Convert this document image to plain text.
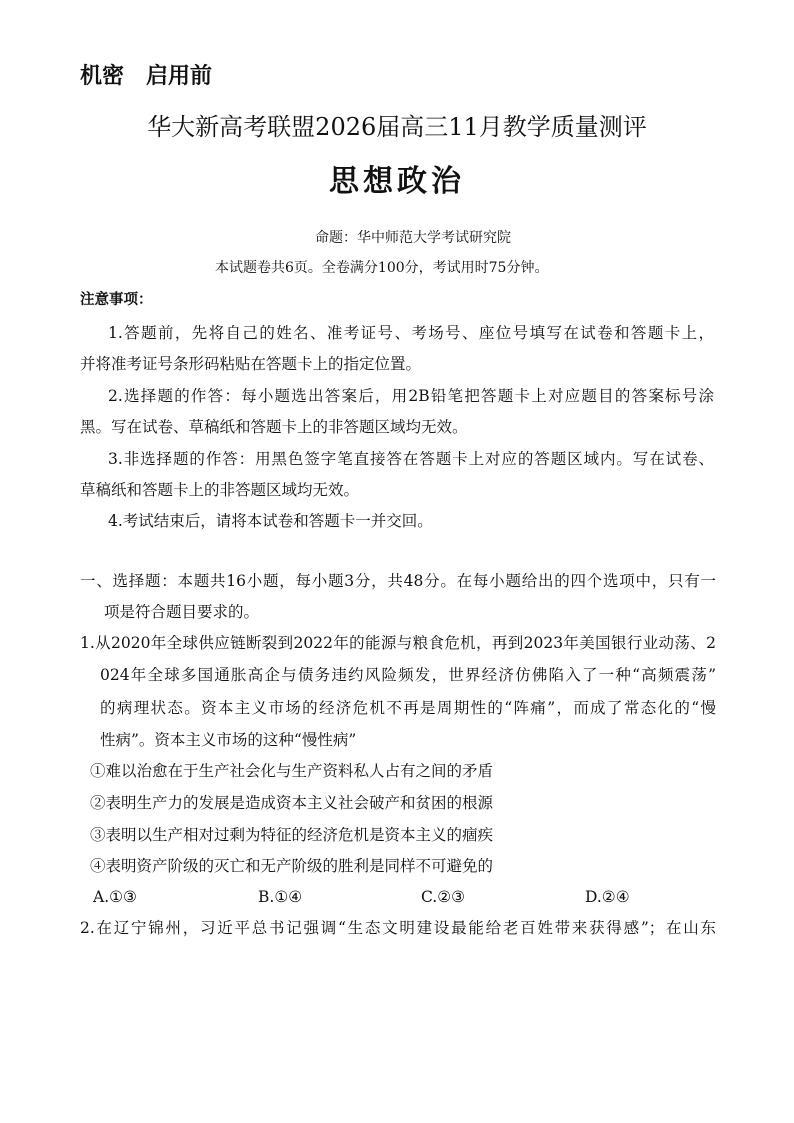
机密　启用前
华大新高考联盟2026届高三11月教学质量测评
思想政治
命题：华中师范大学考试研究院
本试题卷共6页。全卷满分100分，考试用时75分钟。
注意事项：
1.答题前，先将自己的姓名、准考证号、考场号、座位号填写在试卷和答题卡上，
并将准考证号条形码粘贴在答题卡上的指定位置。
2.选择题的作答：每小题选出答案后，用2B铅笔把答题卡上对应题目的答案标号涂
黑。写在试卷、草稿纸和答题卡上的非答题区域均无效。
3.非选择题的作答：用黑色签字笔直接答在答题卡上对应的答题区域内。写在试卷、
草稿纸和答题卡上的非答题区域均无效。
4.考试结束后，请将本试卷和答题卡一并交回。
一、选择题：本题共16小题，每小题3分，共48分。在每小题给出的四个选项中，只有一
项是符合题目要求的。
1.从2020年全球供应链断裂到2022年的能源与粮食危机，再到2023年美国银行业动荡、2
024年全球多国通胀高企与债务违约风险频发，世界经济仿佛陷入了一种“高频震荡”
的病理状态。资本主义市场的经济危机不再是周期性的“阵痛”，而成了常态化的“慢
性病”。资本主义市场的这种“慢性病”
①难以治愈在于生产社会化与生产资料私人占有之间的矛盾
②表明生产力的发展是造成资本主义社会破产和贫困的根源
③表明以生产相对过剩为特征的经济危机是资本主义的痼疾
④表明资产阶级的灭亡和无产阶级的胜利是同样不可避免的
A.①③	B.①④	C.②③	D.②④
2.在辽宁锦州，习近平总书记强调“生态文明建设最能给老百姓带来获得感”；在山东
